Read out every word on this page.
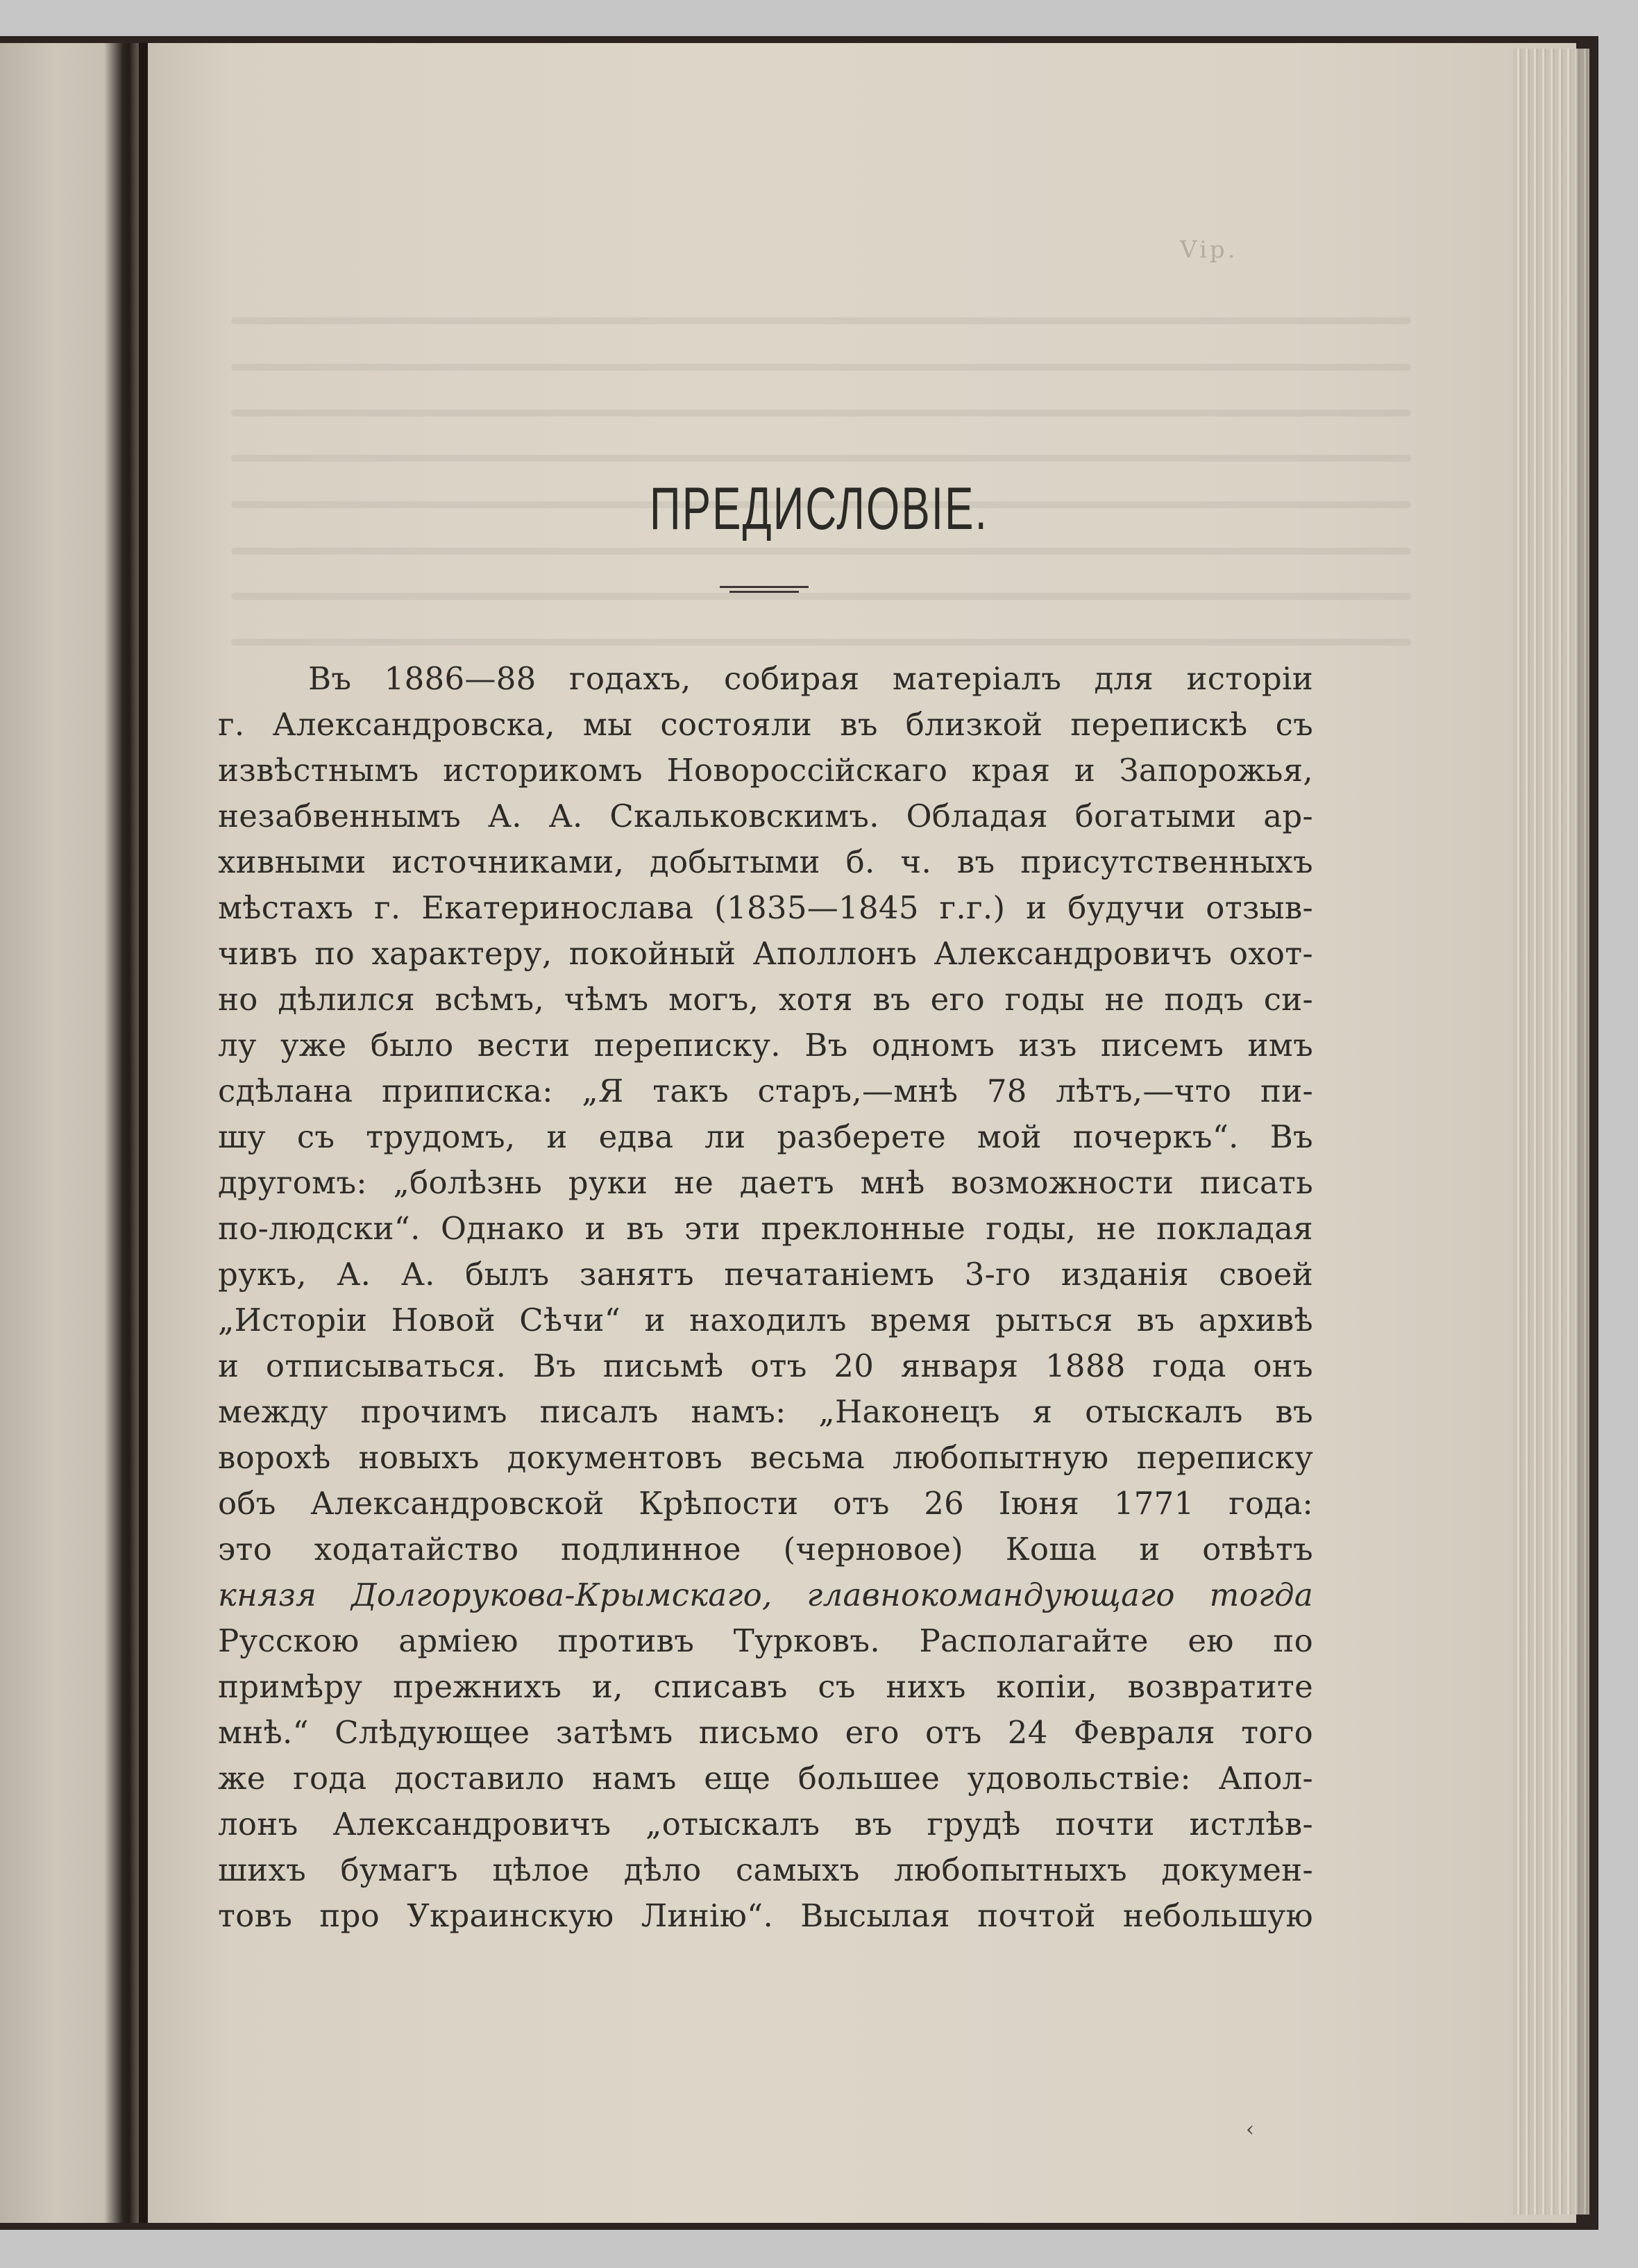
Vip.
ПРЕДИСЛОВІЕ.

Въ 1886—88 годахъ, собирая матеріалъ для исторіи

г. Александровска, мы состояли въ близкой перепискѣ съ

извѣстнымъ историкомъ Новороссійскаго края и Запорожья,

незабвеннымъ А. А. Скальковскимъ. Обладая богатыми ар-

хивными источниками, добытыми б. ч. въ присутственныхъ

мѣстахъ г. Екатеринослава (1835—1845 г.г.) и будучи отзыв-

чивъ по характеру, покойный Аполлонъ Александровичъ охот-

но дѣлился всѣмъ, чѣмъ могъ, хотя въ его годы не подъ си-

лу уже было вести переписку. Въ одномъ изъ писемъ имъ

сдѣлана приписка: „Я такъ старъ,—мнѣ 78 лѣтъ,—что пи-

шу съ трудомъ, и едва ли разберете мой почеркъ“. Въ

другомъ: „болѣзнь руки не даетъ мнѣ возможности писать

по-людски“. Однако и въ эти преклонные годы, не покладая

рукъ, А. А. былъ занятъ печатаніемъ 3-го изданія своей

„Исторіи Новой Сѣчи“ и находилъ время рыться въ архивѣ

и отписываться. Въ письмѣ отъ 20 января 1888 года онъ

между прочимъ писалъ намъ: „Наконецъ я отыскалъ въ

ворохѣ новыхъ документовъ весьма любопытную переписку

объ Александровской Крѣпости отъ 26 Іюня 1771 года:

это ходатайство подлинное (черновое) Коша и отвѣтъ

князя Долгорукова-Крымскаго, главнокомандующаго тогда

Русскою арміею противъ Турковъ. Располагайте ею по

примѣру прежнихъ и, списавъ съ нихъ копіи, возвратите

мнѣ.“ Слѣдующее затѣмъ письмо его отъ 24 Февраля того

же года доставило намъ еще большее удовольствіе: Апол-

лонъ Александровичъ „отыскалъ въ грудѣ почти истлѣв-

шихъ бумагъ цѣлое дѣло самыхъ любопытныхъ докумен-

товъ про Украинскую Линію“. Высылая почтой небольшую

‹
